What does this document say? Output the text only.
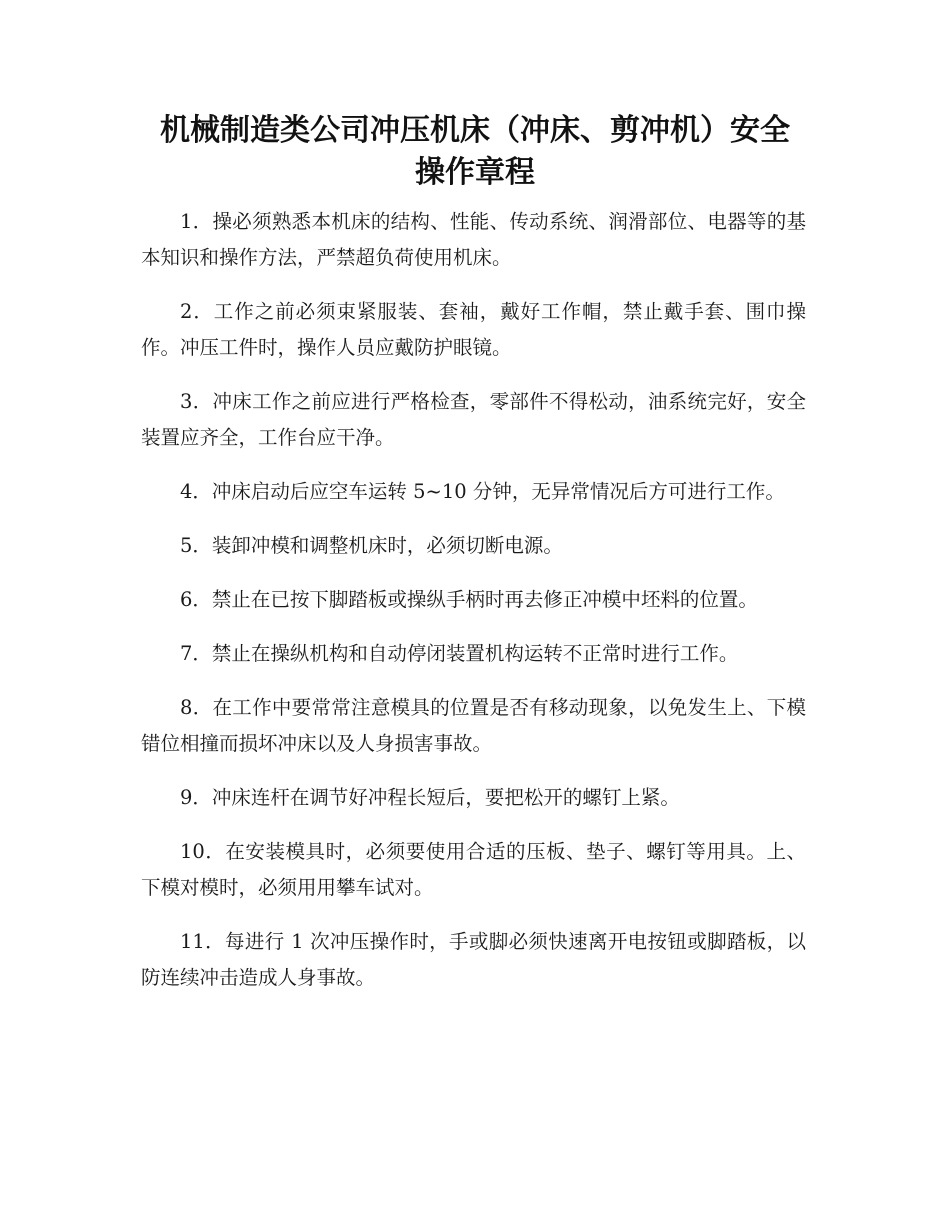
机械制造类公司冲压机床（冲床、剪冲机）安全
操作章程

1．操必须熟悉本机床的结构、性能、传动系统、润滑部位、电器等的基本知识和操作方法，严禁超负荷使用机床。

2．工作之前必须束紧服装、套袖，戴好工作帽，禁止戴手套、围巾操作。冲压工件时，操作人员应戴防护眼镜。

3．冲床工作之前应进行严格检查，零部件不得松动，油系统完好，安全装置应齐全，工作台应干净。

4．冲床启动后应空车运转 5~10 分钟，无异常情况后方可进行工作。

5．装卸冲模和调整机床时，必须切断电源。

6．禁止在已按下脚踏板或操纵手柄时再去修正冲模中坯料的位置。

7．禁止在操纵机构和自动停闭装置机构运转不正常时进行工作。

8．在工作中要常常注意模具的位置是否有移动现象，以免发生上、下模错位相撞而损坏冲床以及人身损害事故。

9．冲床连杆在调节好冲程长短后，要把松开的螺钉上紧。

10．在安装模具时，必须要使用合适的压板、垫子、螺钉等用具。上、下模对模时，必须用用攀车试对。

11．每进行 1 次冲压操作时，手或脚必须快速离开电按钮或脚踏板，以防连续冲击造成人身事故。
